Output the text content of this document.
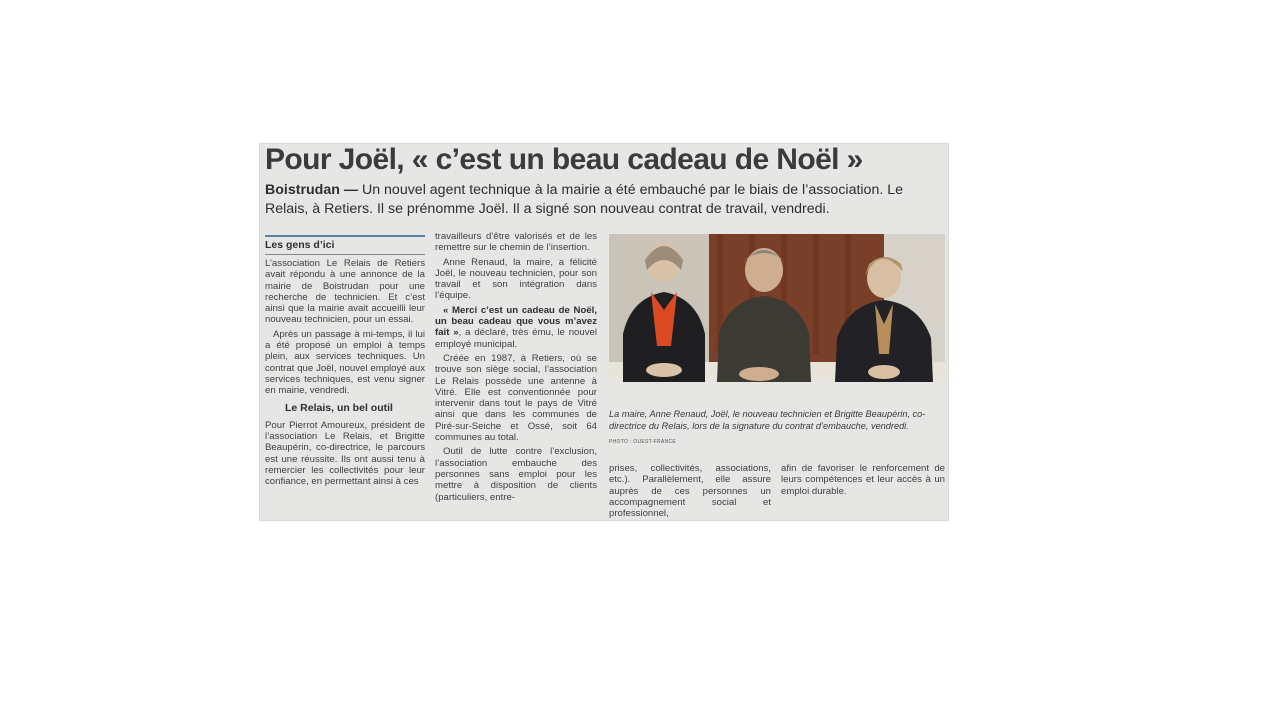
Pour Joël, « c’est un beau cadeau de Noël »
Boistrudan — Un nouvel agent technique à la mairie a été embauché par le biais de l’association. Le Relais, à Retiers. Il se prénomme Joël. Il a signé son nouveau contrat de travail, vendredi.
Les gens d’ici

L’association Le Relais de Retiers avait répondu à une annonce de la mairie de Boistrudan pour une recherche de technicien. Et c’est ainsi que la mairie avait accueilli leur nouveau technicien, pour un essai.

Après un passage à mi-temps, il lui a été proposé un emploi à temps plein, aux services techniques. Un contrat que Joël, nouvel employé aux services techniques, est venu signer en mairie, vendredi.

Le Relais, un bel outil

Pour Pierrot Amoureux, président de l’association Le Relais, et Brigitte Beaupérin, co-directrice, le parcours est une réussite. Ils ont aussi tenu à remercier les collectivités pour leur confiance, en permettant ainsi à ces

travailleurs d’être valorisés et de les remettre sur le chemin de l’insertion.

Anne Renaud, la maire, a félicité Joël, le nouveau technicien, pour son travail et son intégration dans l’équipe.

« Merci c’est un cadeau de Noël, un beau cadeau que vous m’avez fait », a déclaré, très ému, le nouvel employé municipal.

Créée en 1987, à Retiers, où se trouve son siège social, l’association Le Relais possède une antenne à Vitré. Elle est conventionnée pour intervenir dans tout le pays de Vitré ainsi que dans les communes de Piré-sur-Seiche et Ossé, soit 64 communes au total.

Outil de lutte contre l’exclusion, l’association embauche des personnes sans emploi pour les mettre à disposition de clients (particuliers, entre-

La maire, Anne Renaud, Joël, le nouveau technicien et Brigitte Beaupérin, co-directrice du Relais, lors de la signature du contrat d’embauche, vendredi.
PHOTO : OUEST-FRANCE

prises, collectivités, associations, etc.). Parallèlement, elle assure auprès de ces personnes un accompagnement social et professionnel,

afin de favoriser le renforcement de leurs compétences et leur accès à un emploi durable.
